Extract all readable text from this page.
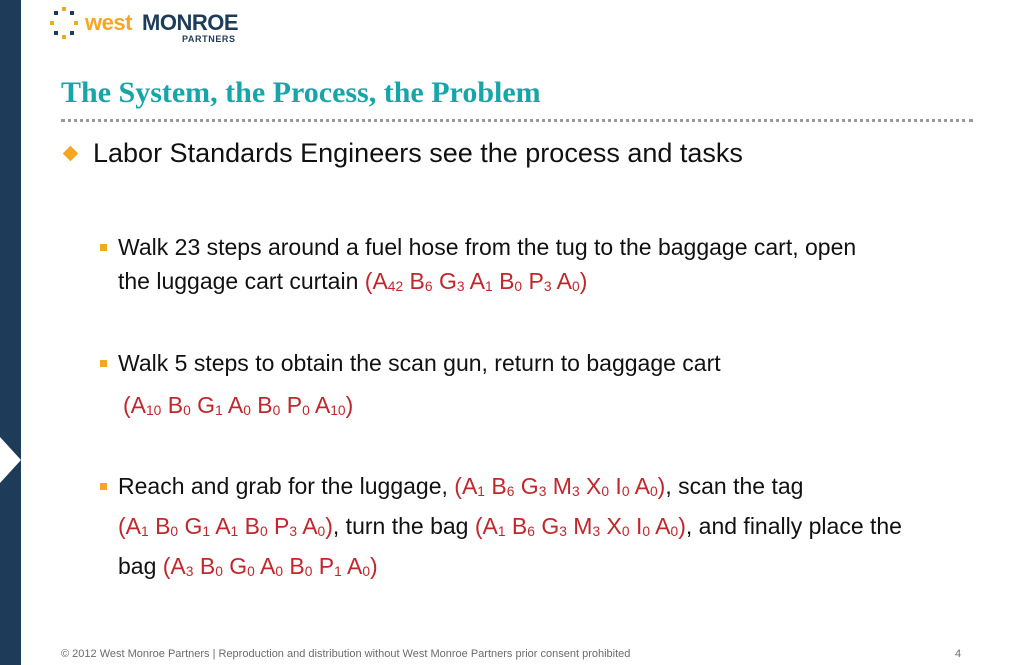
west MONROE
PARTNERS
The System, the Process, the Problem
Labor Standards Engineers see the process and tasks
Walk 23 steps around a fuel hose from the tug to the baggage cart, open
the luggage cart curtain ($A_{42}$ $B_6$ $G_3$ $A_1$ $B_0$ $P_3$ $A_0$)
Walk 5 steps to obtain the scan gun, return to baggage cart
($A_{10}$ $B_0$ $G_1$ $A_0$ $B_0$ $P_0$ $A_{10}$)
Reach and grab for the luggage, ($A_1$ $B_6$ $G_3$ $M_3$ $X_0$ $I_0$ $A_0$), scan the tag
($A_1$ $B_0$ $G_1$ $A_1$ $B_0$ $P_3$ $A_0$), turn the bag ($A_1$ $B_6$ $G_3$ $M_3$ $X_0$ $I_0$ $A_0$), and finally place the
bag ($A_3$ $B_0$ $G_0$ $A_0$ $B_0$ $P_1$ $A_0$)
© 2012 West Monroe Partners | Reproduction and distribution without West Monroe Partners prior consent prohibited	4
